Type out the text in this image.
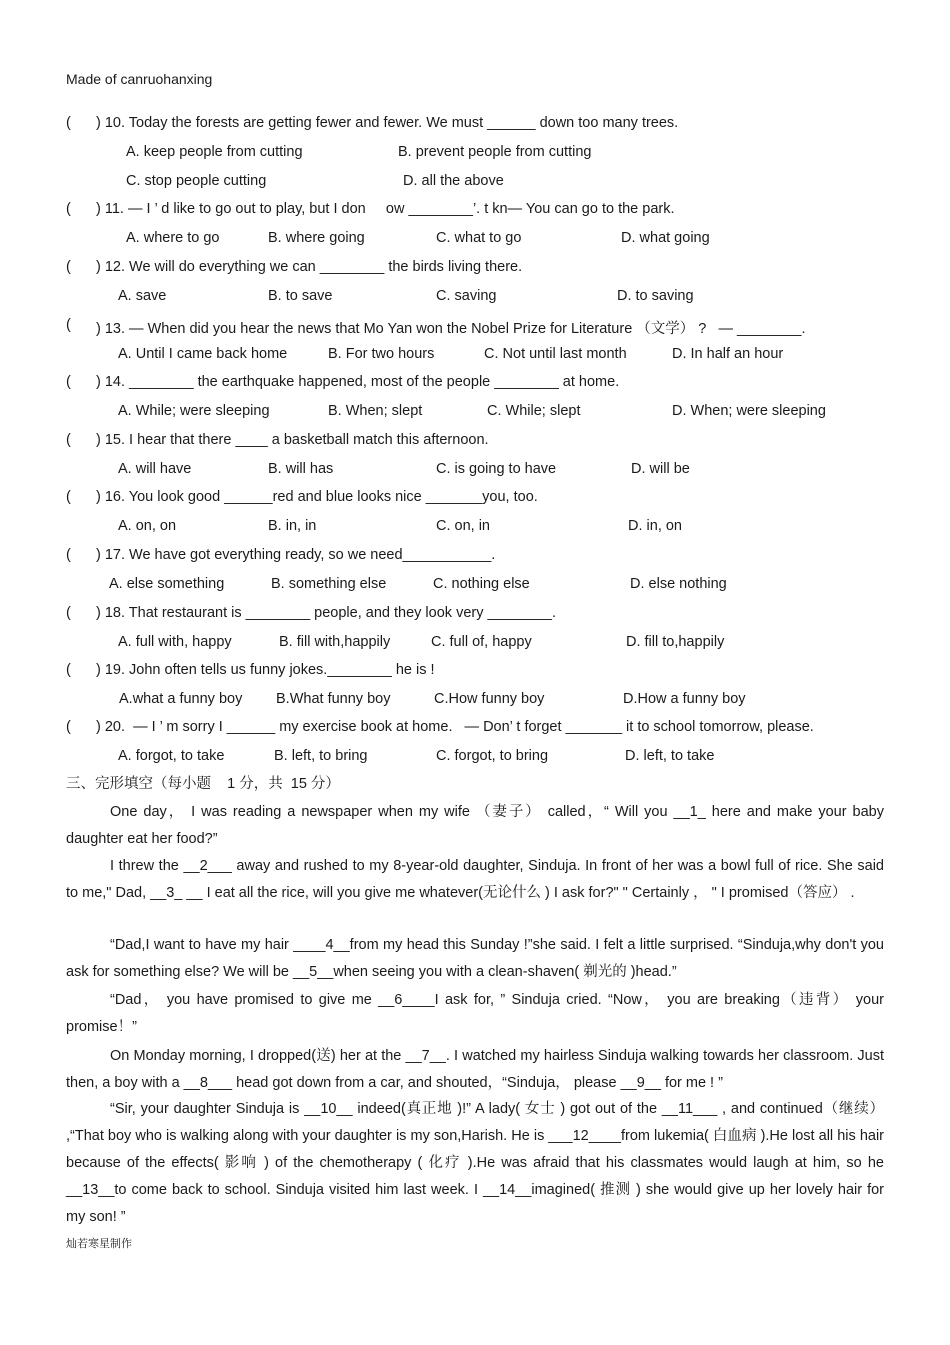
Made of canruohanxing
( ) 10. Today the forests are getting fewer and fewer. We must ______ down too many trees.
A. keep people from cutting	B. prevent people from cutting
C. stop people cutting	D. all the above
( ) 11. — I ’ d like to go out to play, but I don     ow ________’. t kn— You can go to the park.
A. where to go	B. where going	C. what to go	D. what going
( ) 12. We will do everything we can ________ the birds living there.
A. save	B. to save	C. saving	D. to saving
( ) 13. — When did you hear the news that Mo Yan won the Nobel Prize for Literature （文学） ?   — ________.
A. Until I came back home	B. For two hours	C. Not until last month	D. In half an hour
( ) 14. ________ the earthquake happened, most of the people ________ at home.
A. While; were sleeping	B. When; slept	C. While; slept	D. When; were sleeping
( ) 15. I hear that there ____ a basketball match this afternoon.
A. will have	B. will has	C. is going to have	D. will be
( ) 16. You look good ______red and blue looks nice _______you, too.
A. on, on	B. in, in	C. on, in	D. in, on
( ) 17. We have got everything ready, so we need___________.
A. else something	B. something else	C. nothing else	D. else nothing
( ) 18. That restaurant is ________ people, and they look very ________.
A. full with, happy	B. fill with,happily	C. full of, happy	D. fill to,happily
( ) 19. John often tells us funny jokes.________ he is !
A.what a funny boy B.What funny boy	C.How funny boy	D.How a funny boy
( ) 20.  — I ’ m sorry I ______ my exercise book at home.   — Don’ t forget _______ it to school tomorrow, please.
A. forgot, to take	B. left, to bring	C. forgot, to bring	D. left, to take
三、完形填空（每小题    1 分，共  15 分）
One day， I was reading a newspaper when my wife （妻子） called，“ Will you __1_ here and make your baby daughter eat her food?”
I threw the __2___ away and rushed to my 8-year-old daughter, Sinduja. In front of her was a bowl full of rice. She said to me," Dad, __3_ __ I eat all the rice, will you give me whatever(无论什么 ) I ask for?" " Certainly ， " I promised（答应） .
“Dad,I want to have my hair ____4__from my head this Sunday !”she said. I felt a little surprised. “Sinduja,why don't you ask for something else? We will be __5__when seeing you with a clean-shaven( 剃光的 )head.”
“Dad， you have promised to give me __6____I ask for, ” Sinduja cried. “Now， you are breaking（违背） your promise！”
On Monday morning, I dropped(送) her at the __7__. I watched my hairless Sinduja walking towards her classroom. Just then, a boy with a __8___ head got down from a car, and shouted，“Sinduja， please __9__ for me ! ”
“Sir, your daughter Sinduja is __10__ indeed(真正地 )!” A lady( 女士 ) got out of the __11___ , and continued（继续） ,“That boy who is walking along with your daughter is my son,Harish. He is ___12____from lukemia( 白血病 ).He lost all his hair because of the effects( 影响 ) of the chemotherapy ( 化疗 ).He was afraid that his classmates would laugh at him, so he __13__to come back to school. Sinduja visited him last week. I __14__imagined( 推测 ) she would give up her lovely hair for my son! ”
灿若寒星制作
